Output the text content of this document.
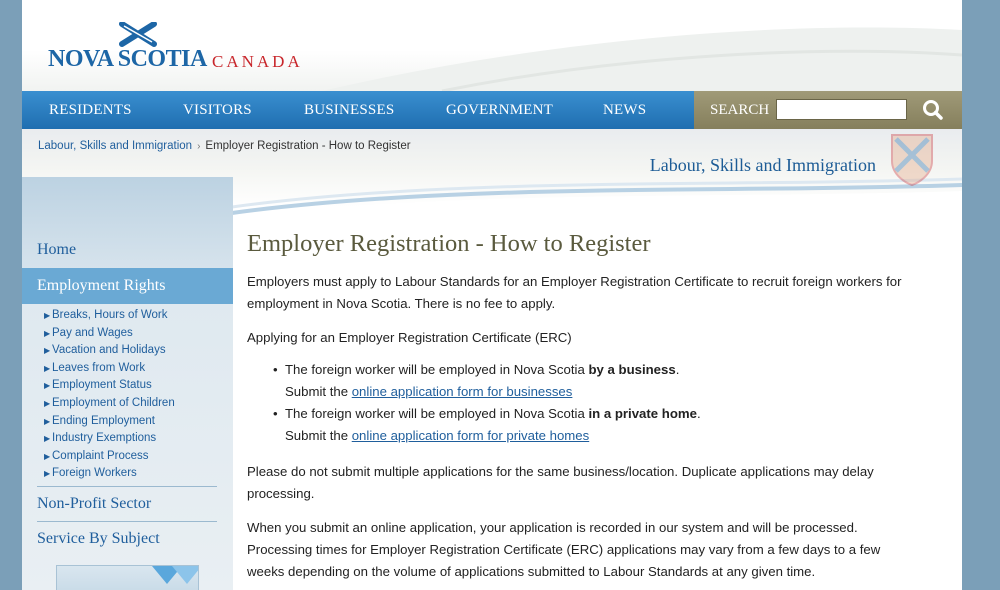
NOVA SCOTIA CANADA
RESIDENTS	VISITORS	BUSINESSES	GOVERNMENT	NEWS	SEARCH
Labour, Skills and Immigration › Employer Registration - How to Register
Labour, Skills and Immigration
Home
Employment Rights
▶ Breaks, Hours of Work
▶ Pay and Wages
▶ Vacation and Holidays
▶ Leaves from Work
▶ Employment Status
▶ Employment of Children
▶ Ending Employment
▶ Industry Exemptions
▶ Complaint Process
▶ Foreign Workers
Non-Profit Sector
Service By Subject
Employer Registration - How to Register

Employers must apply to Labour Standards for an Employer Registration Certificate to recruit foreign workers for employment in Nova Scotia. There is no fee to apply.

Applying for an Employer Registration Certificate (ERC)

• The foreign worker will be employed in Nova Scotia by a business.
Submit the online application form for businesses
• The foreign worker will be employed in Nova Scotia in a private home.
Submit the online application form for private homes

Please do not submit multiple applications for the same business/location. Duplicate applications may delay processing.

When you submit an online application, your application is recorded in our system and will be processed. Processing times for Employer Registration Certificate (ERC) applications may vary from a few days to a few weeks depending on the volume of applications submitted to Labour Standards at any given time.
